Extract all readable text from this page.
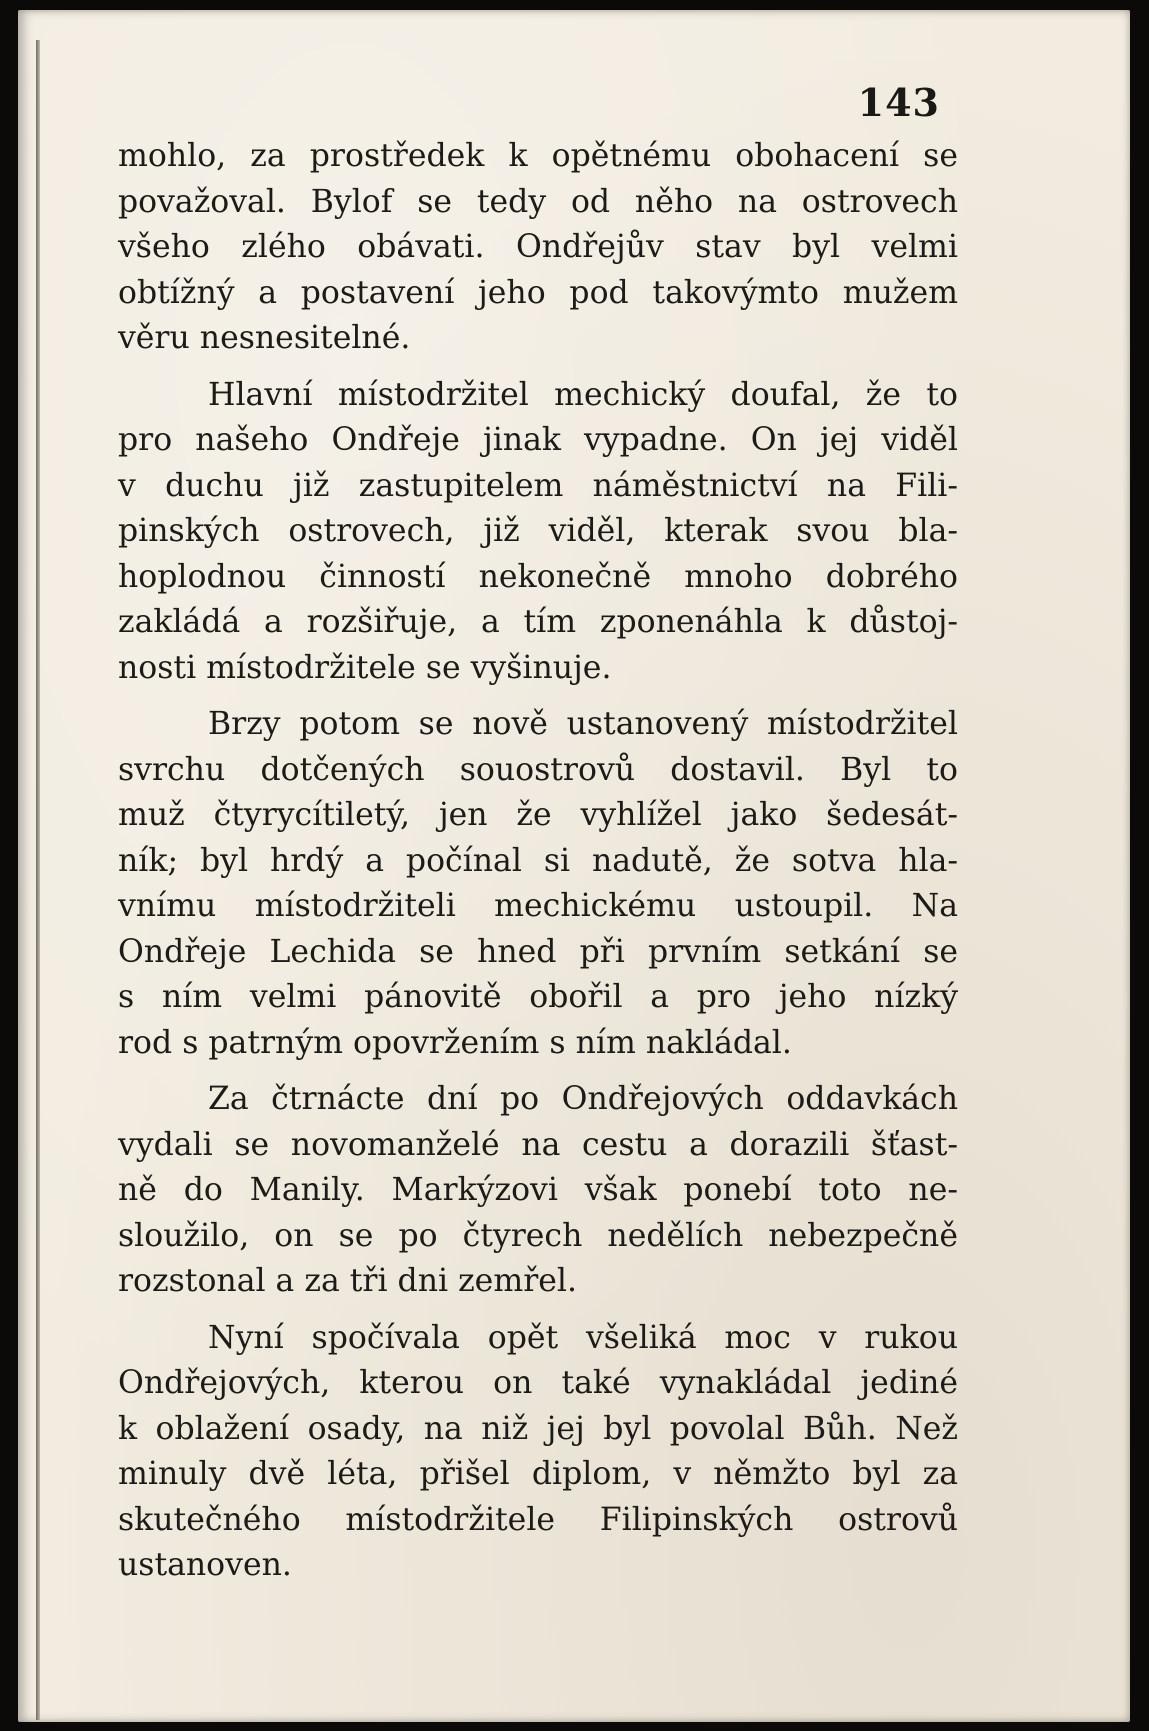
143

mohlo, za prostředek k opětnému obohacení se
považoval. Bylof se tedy od něho na ostrovech
všeho zlého obávati. Ondřejův stav byl velmi
obtížný a postavení jeho pod takovýmto mužem
věru nesnesitelné.

Hlavní místodržitel mechický doufal, že to
pro našeho Ondřeje jinak vypadne. On jej viděl
v duchu již zastupitelem náměstnictví na Fili-
pinských ostrovech, již viděl, kterak svou bla-
hoplodnou činností nekonečně mnoho dobrého
zakládá a rozšiřuje, a tím zponenáhla k důstoj-
nosti místodržitele se vyšinuje.

Brzy potom se nově ustanovený místodržitel
svrchu dotčených souostrovů dostavil. Byl to
muž čtyrycítiletý, jen že vyhlížel jako šedesát-
ník; byl hrdý a počínal si nadutě, že sotva hla-
vnímu místodržiteli mechickému ustoupil. Na
Ondřeje Lechida se hned při prvním setkání se
s ním velmi pánovitě obořil a pro jeho nízký
rod s patrným opovržením s ním nakládal.

Za čtrnácte dní po Ondřejových oddavkách
vydali se novomanželé na cestu a dorazili šťast-
ně do Manily. Markýzovi však ponebí toto ne-
sloužilo, on se po čtyrech nedělích nebezpečně
rozstonal a za tři dni zemřel.

Nyní spočívala opět všeliká moc v rukou
Ondřejových, kterou on také vynakládal jediné
k oblažení osady, na niž jej byl povolal Bůh. Než
minuly dvě léta, přišel diplom, v němžto byl za
skutečného místodržitele Filipinských ostrovů
ustanoven.
